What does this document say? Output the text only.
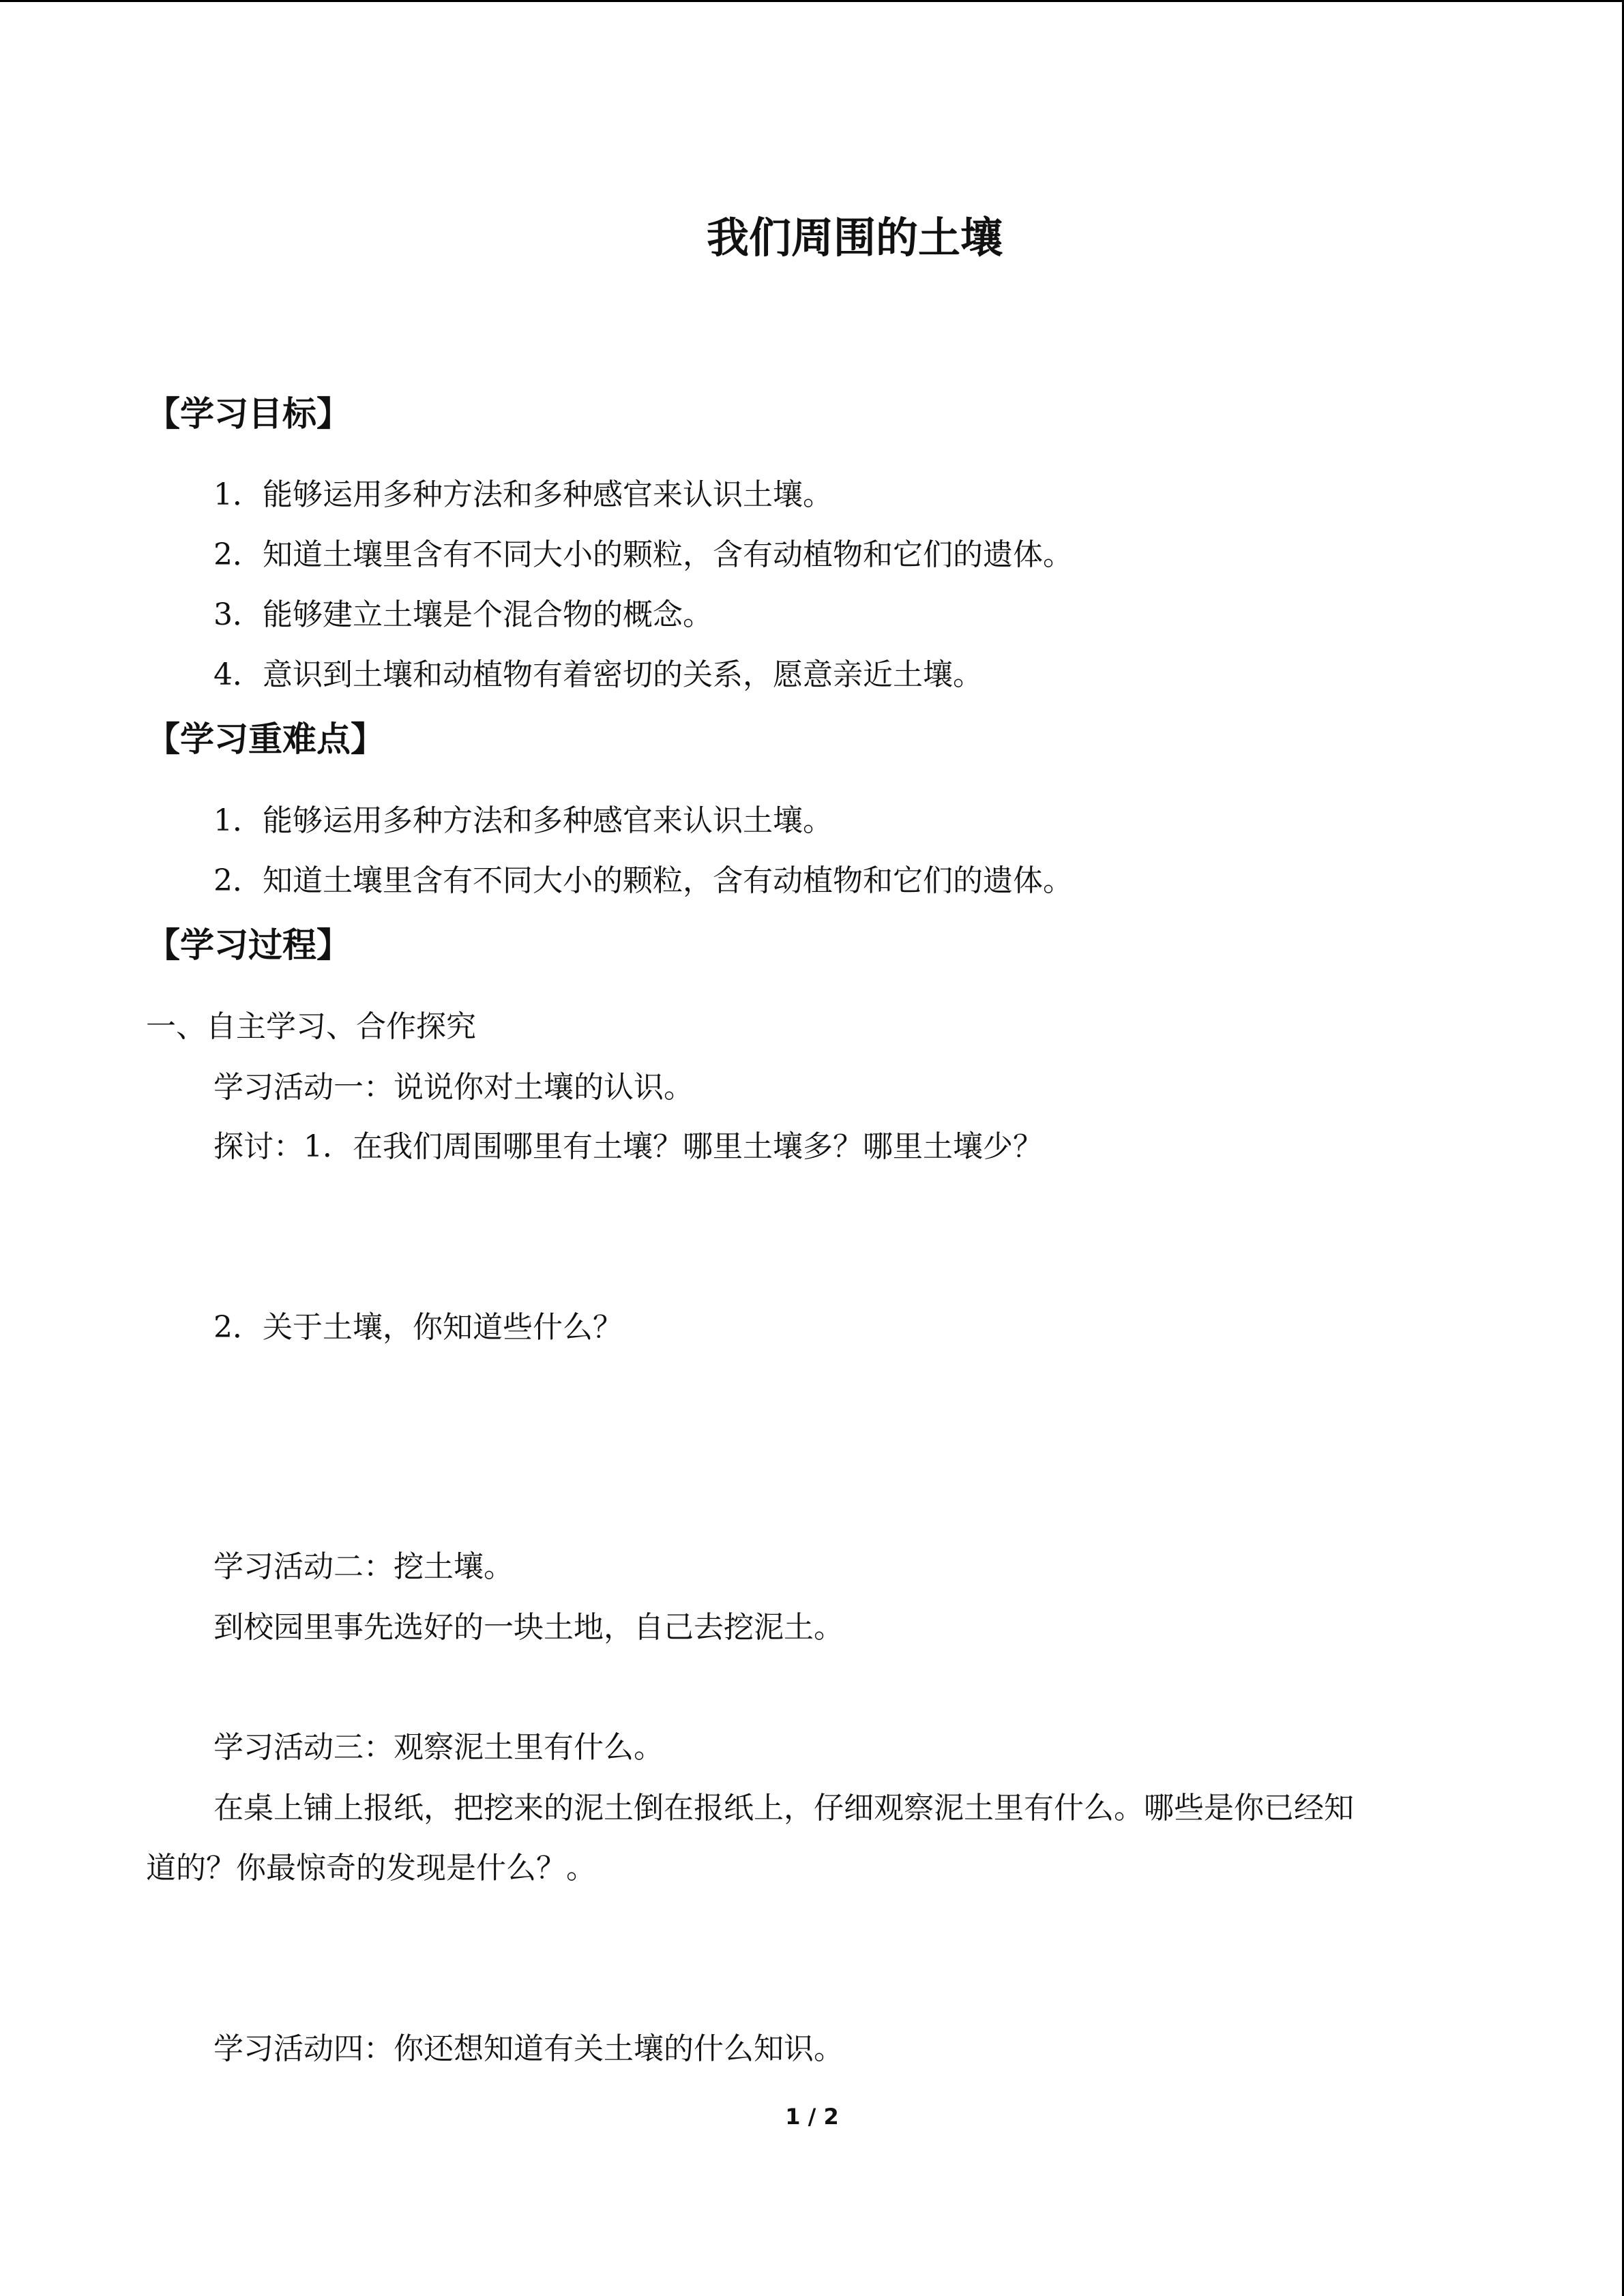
我们周围的土壤
【学习目标】
1．能够运用多种方法和多种感官来认识土壤。
2．知道土壤里含有不同大小的颗粒，含有动植物和它们的遗体。
3．能够建立土壤是个混合物的概念。
4．意识到土壤和动植物有着密切的关系，愿意亲近土壤。
【学习重难点】
1．能够运用多种方法和多种感官来认识土壤。
2．知道土壤里含有不同大小的颗粒，含有动植物和它们的遗体。
【学习过程】
一、自主学习、合作探究
学习活动一：说说你对土壤的认识。
探讨：1．在我们周围哪里有土壤？哪里土壤多？哪里土壤少？
2．关于土壤，你知道些什么？
学习活动二：挖土壤。
到校园里事先选好的一块土地，自己去挖泥土。
学习活动三：观察泥土里有什么。
在桌上铺上报纸，把挖来的泥土倒在报纸上，仔细观察泥土里有什么。哪些是你已经知
道的？你最惊奇的发现是什么？。
学习活动四：你还想知道有关土壤的什么知识。
1 / 2
